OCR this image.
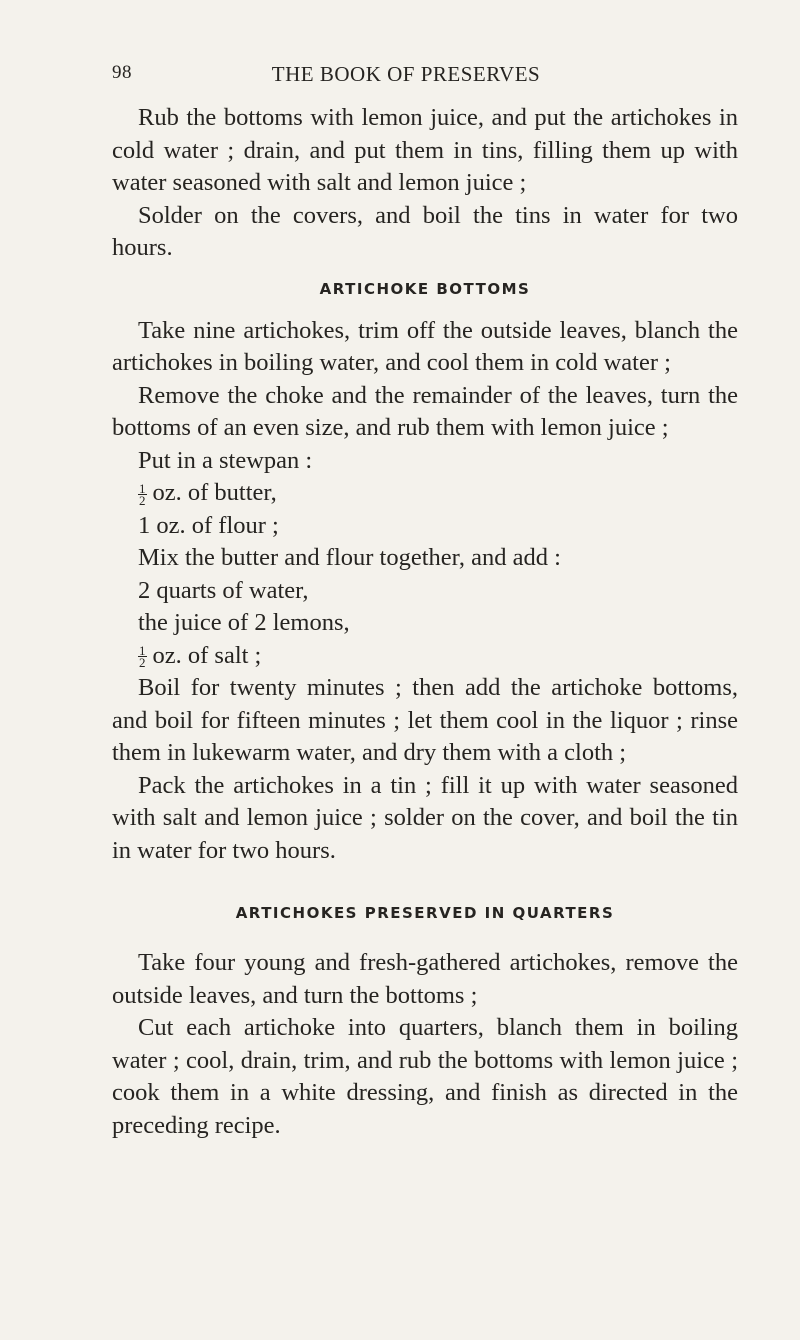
98	THE BOOK OF PRESERVES

Rub the bottoms with lemon juice, and put the artichokes in cold water ; drain, and put them in tins, filling them up with water seasoned with salt and lemon juice ;

Solder on the covers, and boil the tins in water for two hours.

ARTICHOKE BOTTOMS

Take nine artichokes, trim off the outside leaves, blanch the artichokes in boiling water, and cool them in cold water ;

Remove the choke and the remainder of the leaves, turn the bottoms of an even size, and rub them with lemon juice ;

Put in a stewpan :

$\frac{1}{2}$ oz. of butter,

1 oz. of flour ;

Mix the butter and flour together, and add :

2 quarts of water,

the juice of 2 lemons,

$\frac{1}{2}$ oz. of salt ;

Boil for twenty minutes ; then add the artichoke bottoms, and boil for fifteen minutes ; let them cool in the liquor ; rinse them in lukewarm water, and dry them with a cloth ;

Pack the artichokes in a tin ; fill it up with water seasoned with salt and lemon juice ; solder on the cover, and boil the tin in water for two hours.

ARTICHOKES PRESERVED IN QUARTERS

Take four young and fresh-gathered artichokes, remove the outside leaves, and turn the bottoms ;

Cut each artichoke into quarters, blanch them in boiling water ; cool, drain, trim, and rub the bottoms with lemon juice ; cook them in a white dressing, and finish as directed in the preceding recipe.
